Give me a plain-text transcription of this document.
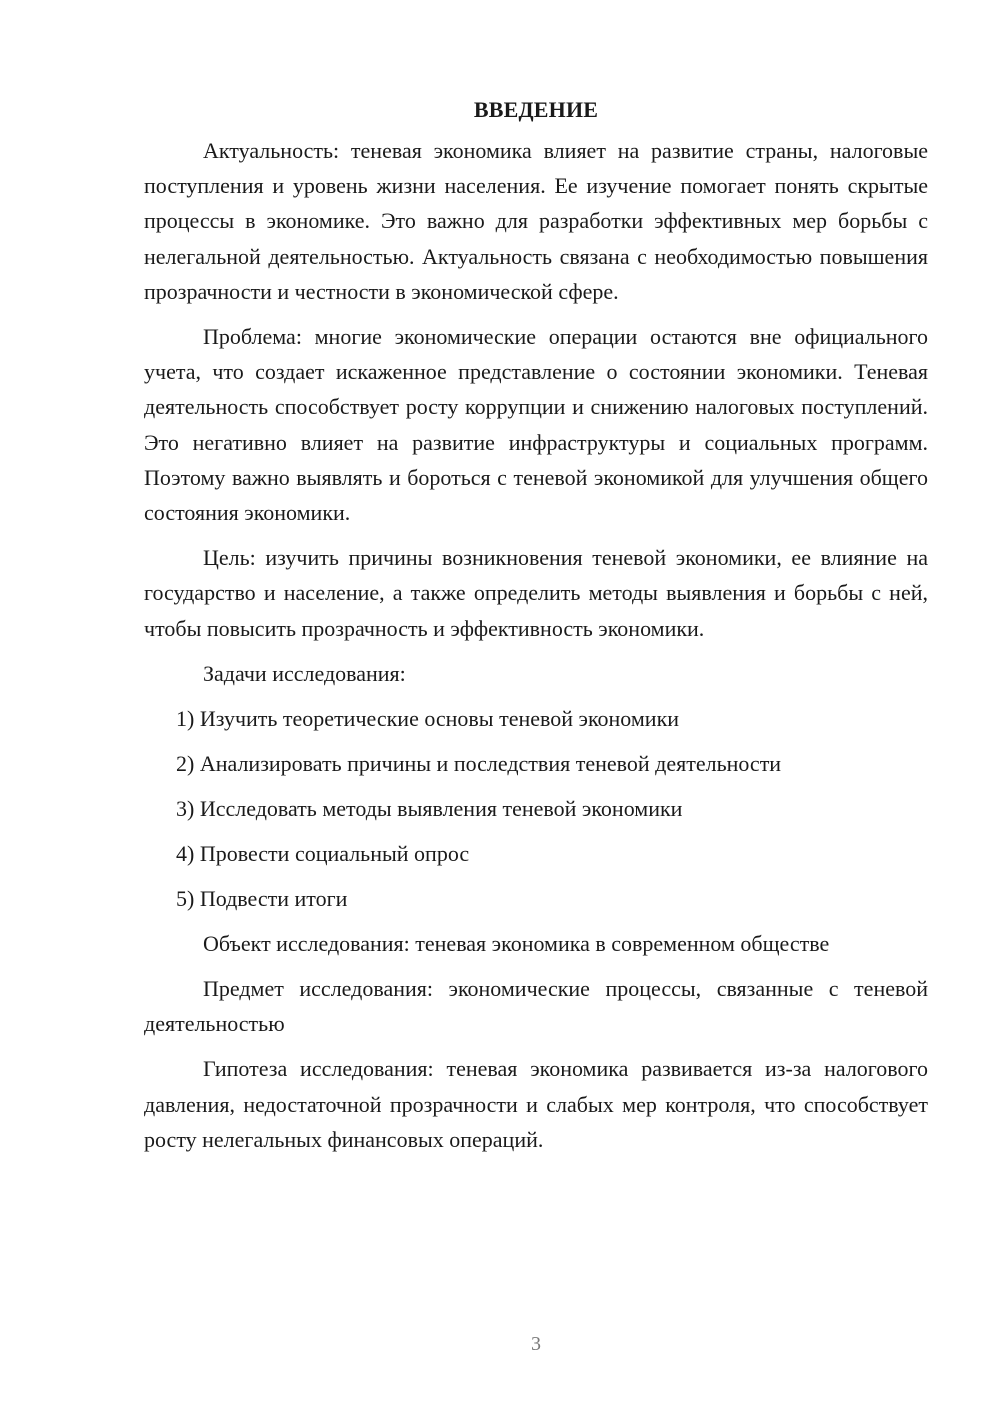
ВВЕДЕНИЕ

Актуальность: теневая экономика влияет на развитие страны, налоговые поступления и уровень жизни населения. Ее изучение помогает понять скрытые процессы в экономике. Это важно для разработки эффективных мер борьбы с нелегальной деятельностью. Актуальность связана с необходимостью повышения прозрачности и честности в экономической сфере.

Проблема: многие экономические операции остаются вне официального учета, что создает искаженное представление о состоянии экономики. Теневая деятельность способствует росту коррупции и снижению налоговых поступлений. Это негативно влияет на развитие инфраструктуры и социальных программ. Поэтому важно выявлять и бороться с теневой экономикой для улучшения общего состояния экономики.

Цель: изучить причины возникновения теневой экономики, ее влияние на государство и население, а также определить методы выявления и борьбы с ней, чтобы повысить прозрачность и эффективность экономики.

Задачи исследования:
1) Изучить теоретические основы теневой экономики
2) Анализировать причины и последствия теневой деятельности
3) Исследовать методы выявления теневой экономики
4) Провести социальный опрос
5) Подвести итоги

Объект исследования: теневая экономика в современном обществе

Предмет исследования: экономические процессы, связанные с теневой деятельностью

Гипотеза исследования: теневая экономика развивается из-за налогового давления, недостаточной прозрачности и слабых мер контроля, что способствует росту нелегальных финансовых операций.

3
